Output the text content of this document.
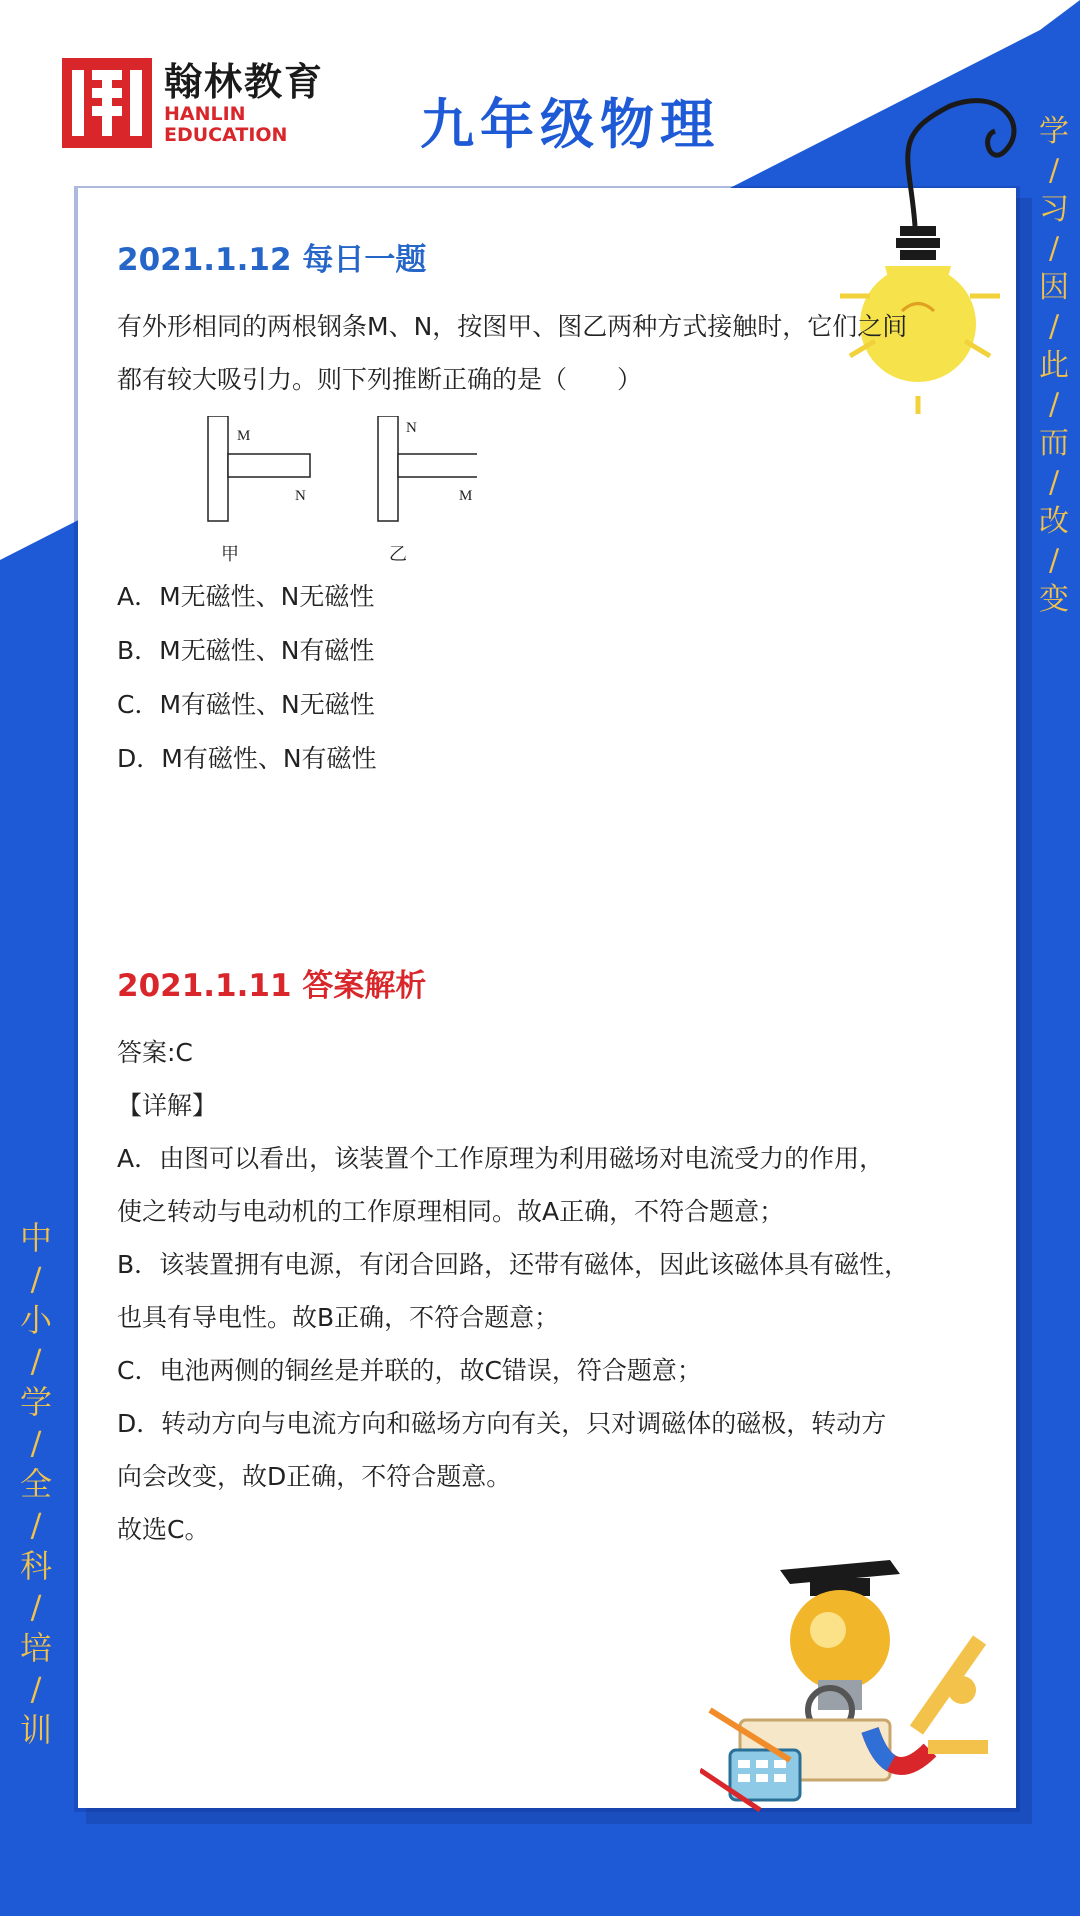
翰林教育
HANLIN
EDUCATION	九年级物理	学
/
习
/
因
/
此
/
而
/
改
/
变
中
/
小
/
学
/
全
/
科
/
培
/
训
2021.1.12 每日一题

有外形相同的两根钢条M、N，按图甲、图乙两种方式接触时，它们之间

都有较大吸引力。则下列推断正确的是（　　）

M
N
甲
N
M
乙

A．M无磁性、N无磁性

B．M无磁性、N有磁性

C．M有磁性、N无磁性

D．M有磁性、N有磁性

2021.1.11 答案解析

答案:C

【详解】

A．由图可以看出，该装置个工作原理为利用磁场对电流受力的作用，

使之转动与电动机的工作原理相同。故A正确，不符合题意；

B．该装置拥有电源，有闭合回路，还带有磁体，因此该磁体具有磁性，

也具有导电性。故B正确，不符合题意；

C．电池两侧的铜丝是并联的，故C错误，符合题意；

D．转动方向与电流方向和磁场方向有关，只对调磁体的磁极，转动方

向会改变，故D正确，不符合题意。

故选C。
